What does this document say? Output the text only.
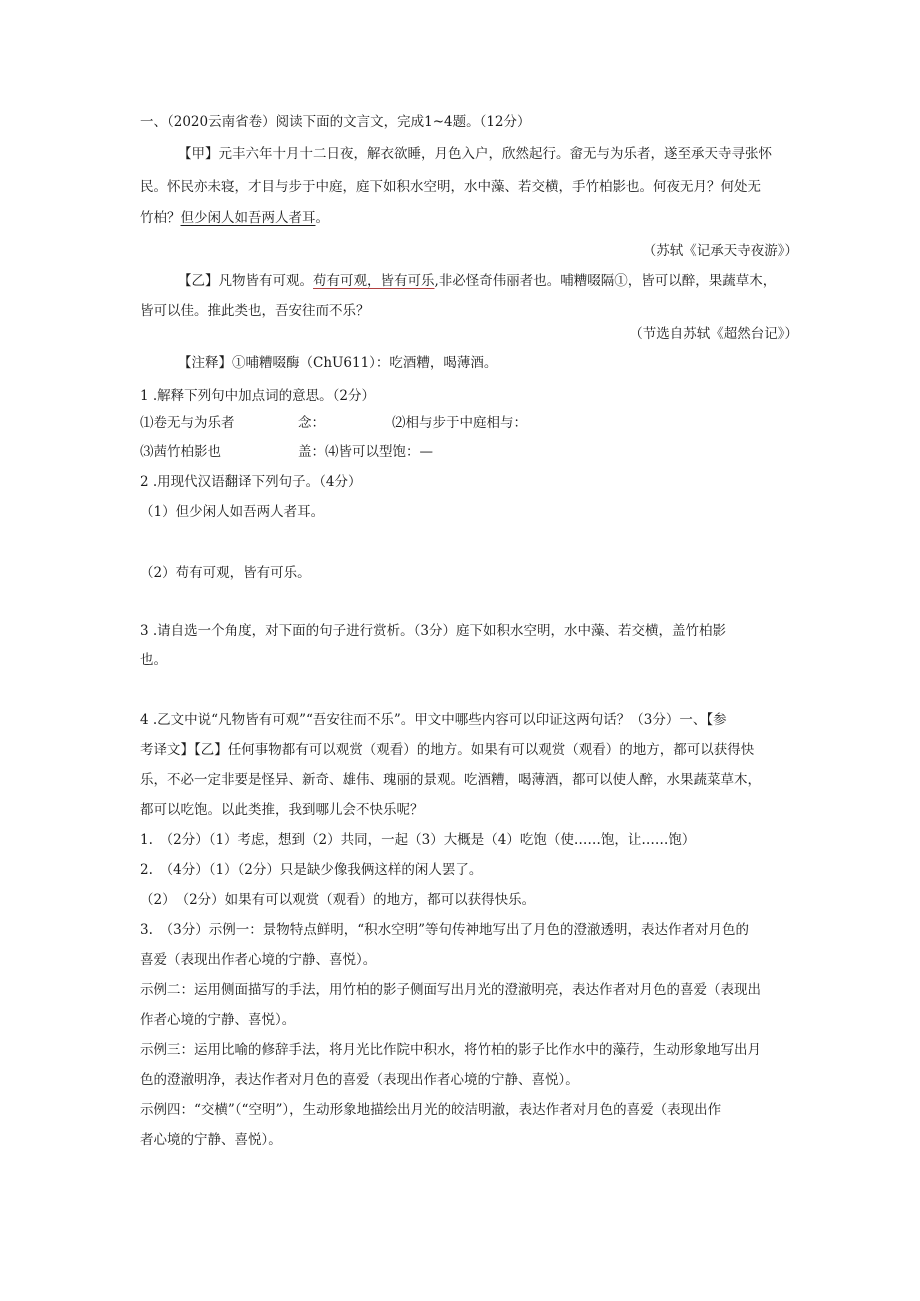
一、（2020云南省卷）阅读下面的文言文，完成1~4题。（12分）
【甲】元丰六年十月十二日夜，解衣欲睡，月色入户，欣然起行。畲无与为乐者，遂至承天寺寻张怀
民。怀民亦未寝，才目与步于中庭，庭下如积水空明，水中藻、若交横，手竹柏影也。何夜无月？何处无
竹柏？但少闲人如吾两人者耳。
（苏轼《记承天寺夜游》）
【乙】凡物皆有可观。苟有可观，皆有可乐,非必怪奇伟丽者也。哺糟啜隔①，皆可以醉，果蔬草木，
皆可以佳。推此类也，吾安往而不乐？
（节选自苏轼《超然台记》）
【注释】①哺糟啜酶（ChU611）：吃酒糟，喝薄酒。
1 .解释下列句中加点词的意思。（2分）
⑴卷无与为乐者	念：	⑵相与步于中庭相与：
⑶茜竹柏影也	盖：⑷皆可以型饱：—
2 .用现代汉语翻译下列句子。（4分）
（1）但少闲人如吾两人者耳。
（2）苟有可观，皆有可乐。
3 .请自选一个角度，对下面的句子进行赏析。（3分）庭下如积水空明，水中藻、若交横，盖竹柏影
也。
4 .乙文中说“凡物皆有可观”“吾安往而不乐”。甲文中哪些内容可以印证这两句话？（3分）一、【参
考译文】【乙】任何事物都有可以观赏（观看）的地方。如果有可以观赏（观看）的地方，都可以获得快
乐，不必一定非要是怪异、新奇、雄伟、瑰丽的景观。吃酒糟，喝薄酒，都可以使人醉，水果蔬菜草木，
都可以吃饱。以此类推，我到哪儿会不快乐呢？
1.　（2分）（1）考虑，想到（2）共同，一起（3）大概是（4）吃饱（使……饱，让……饱）
2.　（4分）（1）（2分）只是缺少像我俩这样的闲人罢了。
（2）　（2分）如果有可以观赏（观看）的地方，都可以获得快乐。
3.　（3分）示例一：景物特点鲜明，“积水空明”等句传神地写出了月色的澄澈透明，表达作者对月色的
喜爱（表现出作者心境的宁静、喜悦）。
示例二：运用侧面描写的手法，用竹柏的影子侧面写出月光的澄澈明亮，表达作者对月色的喜爱（表现出
作者心境的宁静、喜悦）。
示例三：运用比喻的修辞手法，将月光比作院中积水，将竹柏的影子比作水中的藻荇，生动形象地写出月
色的澄澈明净，表达作者对月色的喜爱（表现出作者心境的宁静、喜悦）。
示例四：“交横”（“空明”），生动形象地描绘出月光的皎洁明澈，表达作者对月色的喜爱（表现出作
者心境的宁静、喜悦）。
